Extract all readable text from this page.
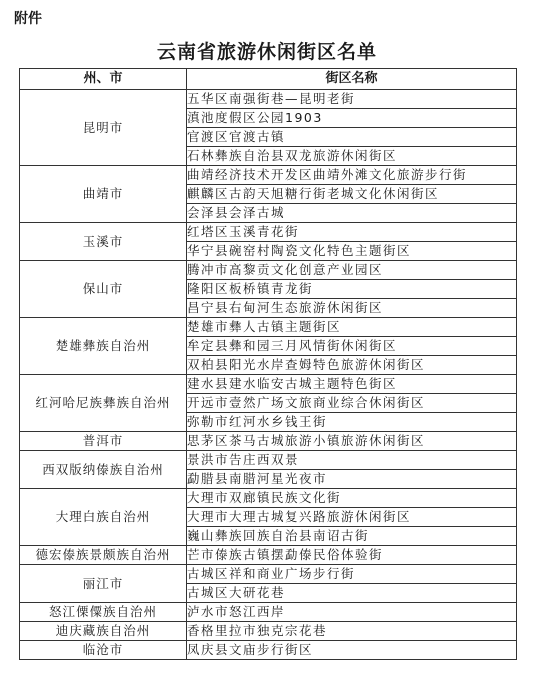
附件
云南省旅游休闲街区名单
州、市	街区名称
昆明市	五华区南强街巷—昆明老街
	滇池度假区公园1903
	官渡区官渡古镇
	石林彝族自治县双龙旅游休闲街区
曲靖市	曲靖经济技术开发区曲靖外滩文化旅游步行街
	麒麟区古韵天旭糖行街老城文化休闲街区
	会泽县会泽古城
玉溪市	红塔区玉溪青花街
	华宁县碗窑村陶瓷文化特色主题街区
保山市	腾冲市高黎贡文化创意产业园区
	隆阳区板桥镇青龙街
	昌宁县右甸河生态旅游休闲街区
楚雄彝族自治州	楚雄市彝人古镇主题街区
	牟定县彝和园三月风情街休闲街区
	双柏县阳光水岸查姆特色旅游休闲街区
红河哈尼族彝族自治州	建水县建水临安古城主题特色街区
	开远市壹然广场文旅商业综合休闲街区
	弥勒市红河水乡钱王街
普洱市	思茅区茶马古城旅游小镇旅游休闲街区
西双版纳傣族自治州	景洪市告庄西双景
	勐腊县南腊河星光夜市
大理白族自治州	大理市双廊镇民族文化街
	大理市大理古城复兴路旅游休闲街区
	巍山彝族回族自治县南诏古街
德宏傣族景颇族自治州	芒市傣族古镇摆勐傣民俗体验街
丽江市	古城区祥和商业广场步行街
	古城区大研花巷
怒江傈僳族自治州	泸水市怒江西岸
迪庆藏族自治州	香格里拉市独克宗花巷
临沧市	凤庆县文庙步行街区
